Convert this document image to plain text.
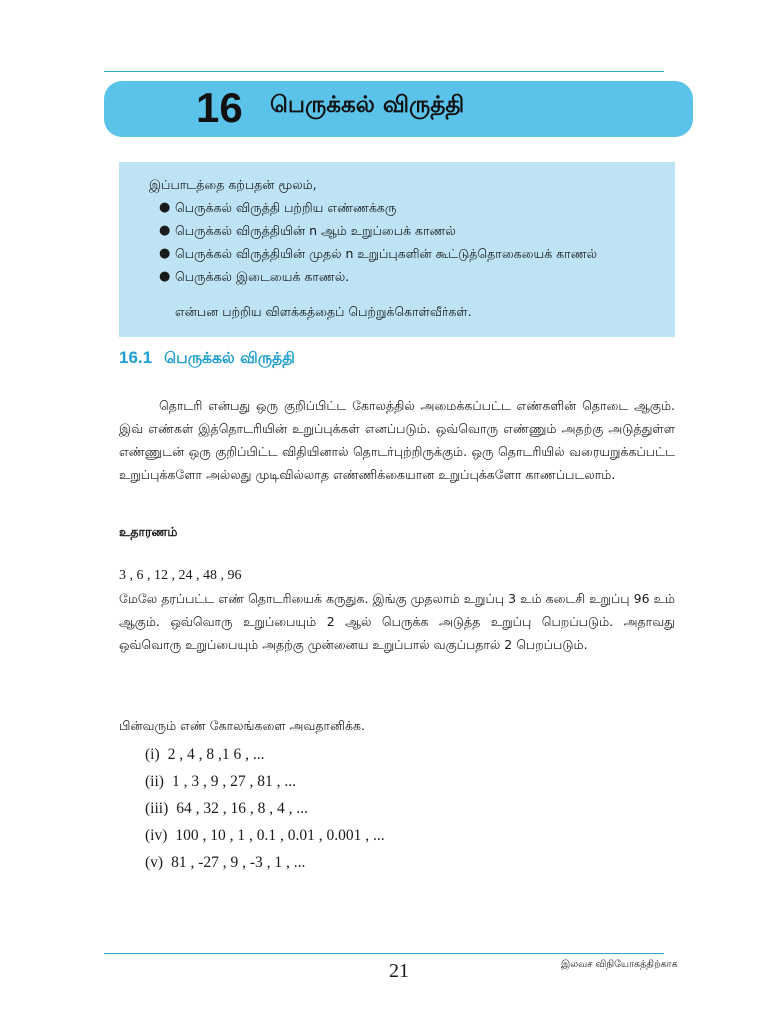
16 பெருக்கல் விருத்தி
இப்பாடத்தை கற்பதன் மூலம்,
● பெருக்கல் விருத்தி பற்றிய எண்ணக்கரு
● பெருக்கல் விருத்தியின் n ஆம் உறுப்பைக் காணல்
● பெருக்கல் விருத்தியின் முதல் n உறுப்புகளின் கூட்டுத்தொகையைக் காணல்
● பெருக்கல் இடையைக் காணல்.
என்பன பற்றிய விளக்கத்தைப் பெற்றுக்கொள்வீர்கள்.
16.1 பெருக்கல் விருத்தி

தொடரி என்பது ஒரு குறிப்பிட்ட கோலத்தில் அமைக்கப்பட்ட எண்களின் தொடை ஆகும். இவ் எண்கள் இத்தொடரியின் உறுப்புக்கள் எனப்படும். ஒவ்வொரு எண்ணும் அதற்கு அடுத்துள்ள எண்ணுடன் ஒரு குறிப்பிட்ட விதியினால் தொடர்புற்றிருக்கும். ஒரு தொடரியில் வரையறுக்கப்பட்ட உறுப்புக்களோ அல்லது முடிவில்லாத எண்ணிக்கையான உறுப்புக்களோ காணப்படலாம்.

உதாரணம்
3 , 6 , 12 , 24 , 48 , 96

மேலே தரப்பட்ட எண் தொடரியைக் கருதுக. இங்கு முதலாம் உறுப்பு 3 உம் கடைசி உறுப்பு 96 உம் ஆகும். ஒவ்வொரு உறுப்பையும் 2 ஆல் பெருக்க அடுத்த உறுப்பு பெறப்படும். அதாவது ஒவ்வொரு உறுப்பையும் அதற்கு முன்னைய உறுப்பால் வகுப்பதால் 2 பெறப்படும்.

பின்வரும் எண் கோலங்களை அவதானிக்க.
(i) 2 , 4 , 8 ,1 6 , ...
(ii) 1 , 3 , 9 , 27 , 81 , ...
(iii) 64 , 32 , 16 , 8 , 4 , ...
(iv) 100 , 10 , 1 , 0.1 , 0.01 , 0.001 , ...
(v) 81 , -27 , 9 , -3 , 1 , ...
21	இலவச விநியோகத்திற்காக
